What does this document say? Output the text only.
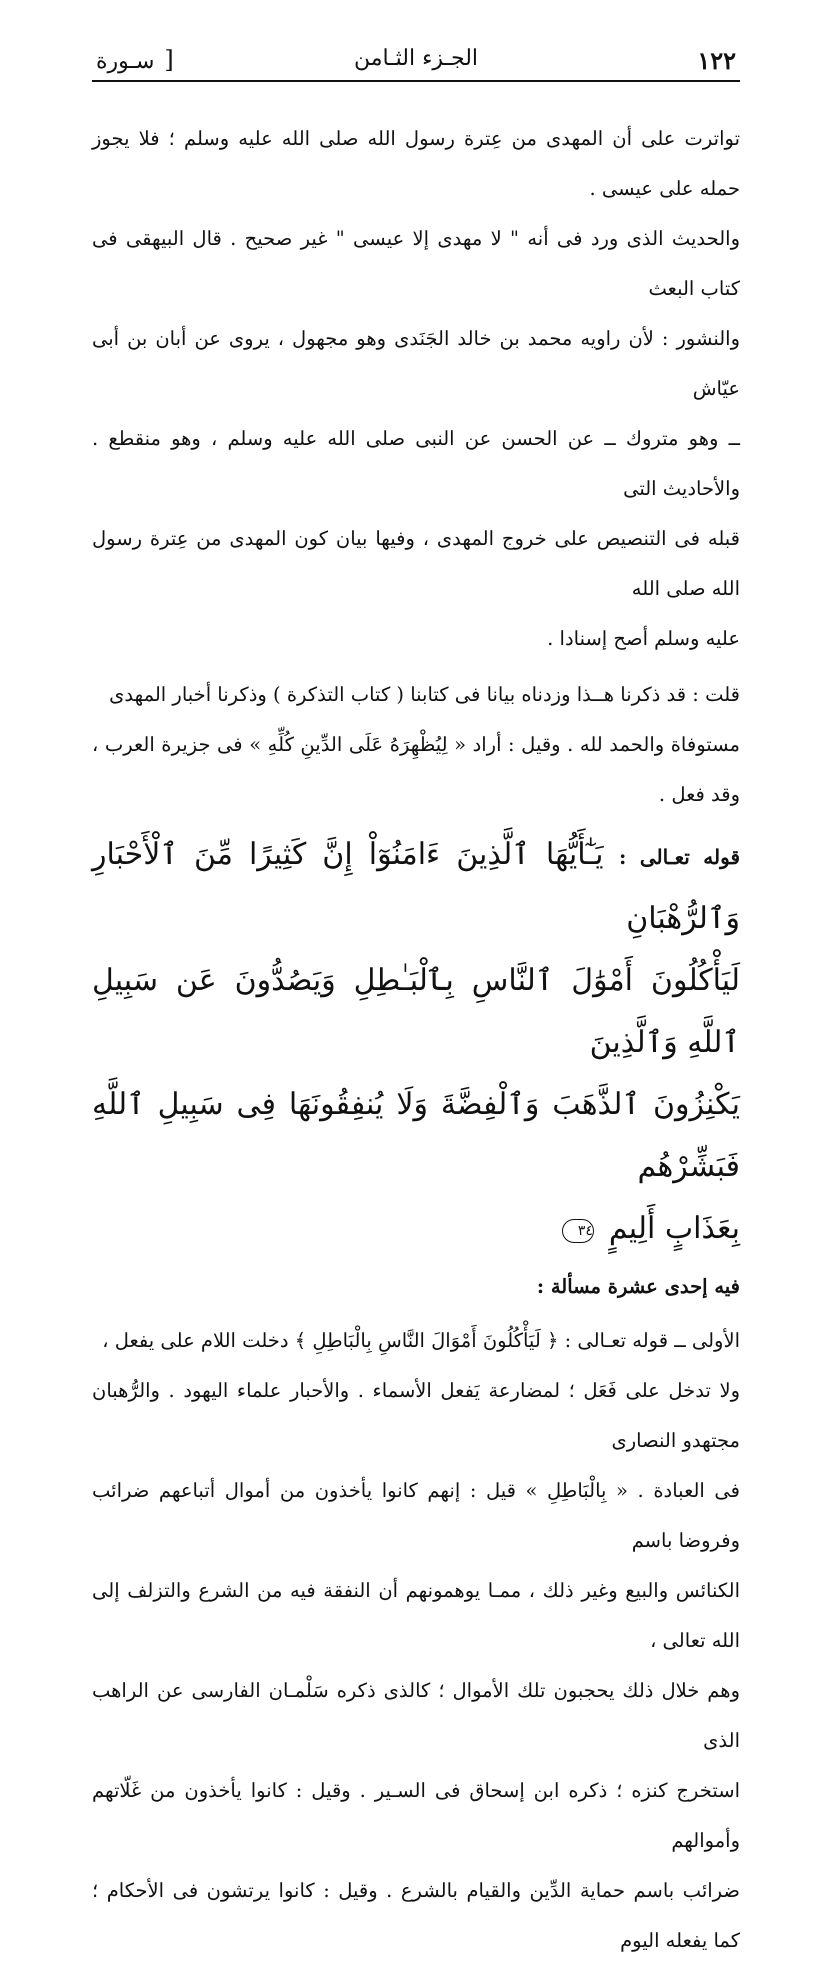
١٢٢
الجـزء الثـامن
[سـورة

تواترت على أن المهدى من عِترة رسول الله صلى الله عليه وسلم ؛ فلا يجوز حمله على عيسى .

والحديث الذى ورد فى أنه " لا مهدى إلا عيسى " غير صحيح . قال البيهقى فى كتاب البعث

والنشور : لأن راويه محمد بن خالد الجَنَدى وهو مجهول ، يروى عن أبان بن أبى عيّاش

ــ وهو متروك ــ عن الحسن عن النبى صلى الله عليه وسلم ، وهو منقطع . والأحاديث التى

قبله فى التنصيص على خروج المهدى ، وفيها بيان كون المهدى من عِترة رسول الله صلى الله

عليه وسلم أصح إسنادا .

قلت : قد ذكرنا هــذا وزدناه بيانا فى كتابنا ( كتاب التذكرة ) وذكرنا أخبار المهدى

مستوفاة والحمد لله . وقيل : أراد « لِيُظْهِرَهُ عَلَى الدِّينِ كُلِّهِ » فى جزيرة العرب ، وقد فعل .

قوله تعـالى : يَـٰٓأَيُّهَا ٱلَّذِينَ ءَامَنُوٓاْ إِنَّ كَثِيرًا مِّنَ ٱلْأَحْبَارِ وَٱلرُّهْبَانِ

لَيَأْكُلُونَ أَمْوَٰلَ ٱلنَّاسِ بِٱلْبَـٰطِلِ وَيَصُدُّونَ عَن سَبِيلِ ٱللَّهِ وَٱلَّذِينَ

يَكْنِزُونَ ٱلذَّهَبَ وَٱلْفِضَّةَ وَلَا يُنفِقُونَهَا فِى سَبِيلِ ٱللَّهِ فَبَشِّرْهُم

بِعَذَابٍ أَلِيمٍ ٣٤

فيه إحدى عشرة مسألة :

الأولى ــ قوله تعـالى : ﴿ لَيَأْكُلُونَ أَمْوَالَ النَّاسِ بِالْبَاطِلِ ﴾ دخلت اللام على يفعل ،

ولا تدخل على فَعَل ؛ لمضارعة يَفعل الأسماء . والأحبار علماء اليهود . والرُّهبان مجتهدو النصارى

فى العبادة . « بِالْبَاطِلِ » قيل : إنهم كانوا يأخذون من أموال أتباعهم ضرائب وفروضا باسم

الكنائس والبيع وغير ذلك ، ممـا يوهمونهم أن النفقة فيه من الشرع والتزلف إلى الله تعالى ،

وهم خلال ذلك يحجبون تلك الأموال ؛ كالذى ذكره سَلْمـان الفارسى عن الراهب الذى

استخرج كنزه ؛ ذكره ابن إسحاق فى السـير . وقيل : كانوا يأخذون من غَلّاتهم وأموالهم

ضرائب باسم حماية الدِّين والقيام بالشرع . وقيل : كانوا يرتشون فى الأحكام ؛ كما يفعله اليوم
